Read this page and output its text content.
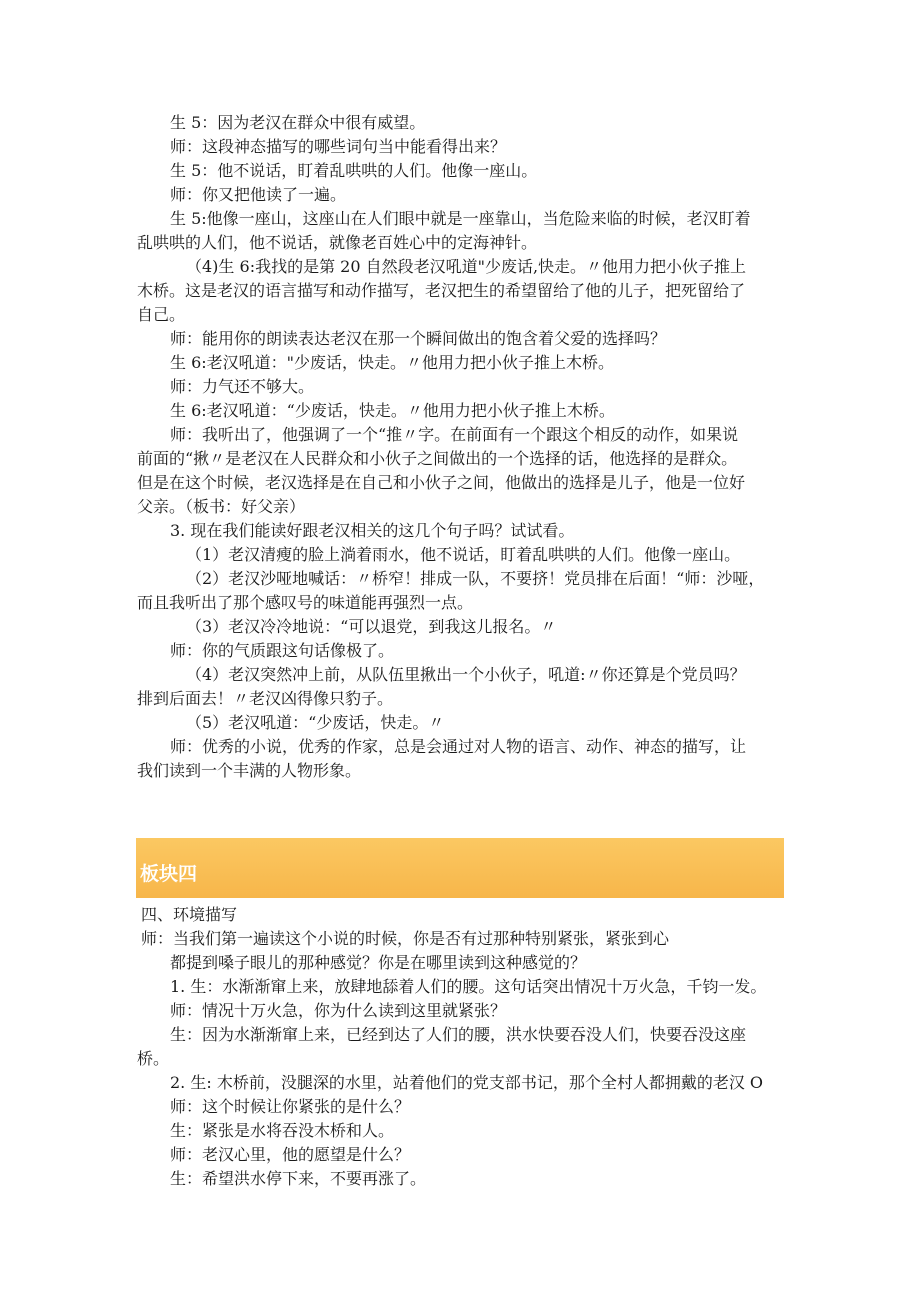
生 5：因为老汉在群众中很有威望。
师：这段神态描写的哪些词句当中能看得出来？
生 5：他不说话，盯着乱哄哄的人们。他像一座山。
师：你又把他读了一遍。
生 5:他像一座山，这座山在人们眼中就是一座靠山，当危险来临的时候，老汉盯着
乱哄哄的人们，他不说话，就像老百姓心中的定海神针。
（4)生 6:我找的是第 20 自然段老汉吼道"少废话,快走。〃他用力把小伙子推上
木桥。这是老汉的语言描写和动作描写，老汉把生的希望留给了他的儿子，把死留给了
自己。
师：能用你的朗读表达老汉在那一个瞬间做出的饱含着父爱的选择吗？
生 6:老汉吼道："少废话，快走。〃他用力把小伙子推上木桥。
师：力气还不够大。
生 6:老汉吼道：“少废话，快走。〃他用力把小伙子推上木桥。
师：我听出了，他强调了一个“推〃字。在前面有一个跟这个相反的动作，如果说
前面的“揪〃是老汉在人民群众和小伙子之间做出的一个选择的话，他选择的是群众。
但是在这个时候，老汉选择是在自己和小伙子之间，他做出的选择是儿子，他是一位好
父亲。（板书：好父亲）
3. 现在我们能读好跟老汉相关的这几个句子吗？试试看。
（1）老汉清瘦的脸上淌着雨水，他不说话，盯着乱哄哄的人们。他像一座山。
（2）老汉沙哑地喊话：〃桥窄！排成一队，不要挤！党员排在后面！“师：沙哑，
而且我听出了那个感叹号的味道能再强烈一点。
（3）老汉冷冷地说：“可以退党，到我这儿报名。〃
师：你的气质跟这句话像极了。
（4）老汉突然冲上前，从队伍里揪出一个小伙子，吼道:〃你还算是个党员吗？
排到后面去！〃老汉凶得像只豹子。
（5）老汉吼道：“少废话，快走。〃
师：优秀的小说，优秀的作家，总是会通过对人物的语言、动作、神态的描写，让
我们读到一个丰满的人物形象。
板块四
四、环境描写
师：当我们第一遍读这个小说的时候，你是否有过那种特别紧张，紧张到心
都提到嗓子眼儿的那种感觉？你是在哪里读到这种感觉的？
1. 生：水渐渐窜上来，放肆地舔着人们的腰。这句话突出情况十万火急，千钧一发。
师：情况十万火急，你为什么读到这里就紧张？
生：因为水渐渐窜上来，已经到达了人们的腰，洪水快要吞没人们，快要吞没这座
桥。
2. 生: 木桥前，没腿深的水里，站着他们的党支部书记，那个全村人都拥戴的老汉 O
师：这个时候让你紧张的是什么？
生：紧张是水将吞没木桥和人。
师：老汉心里，他的愿望是什么？
生：希望洪水停下来，不要再涨了。
